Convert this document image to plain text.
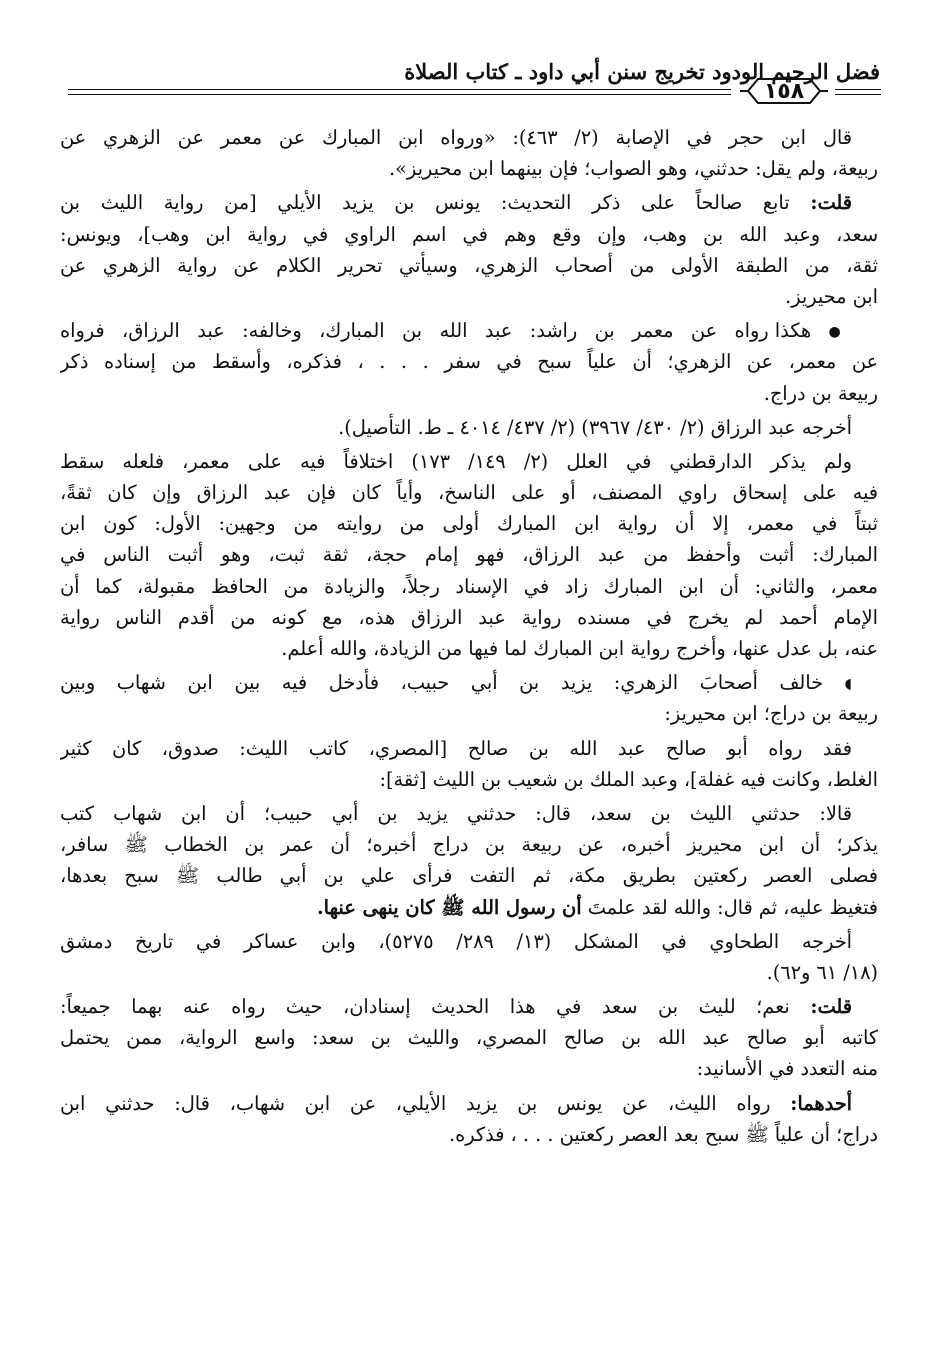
فضل الرحيم الودود تخريج سنن أبي داود ـ كتاب الصلاة
١٥٨
قال ابن حجر في الإصابة (٢/ ٤٦٣): «ورواه ابن المبارك عن معمر عن الزهري عن
ربيعة، ولم يقل: حدثني، وهو الصواب؛ فإن بينهما ابن محيريز».
قلت: تابع صالحاً على ذكر التحديث: يونس بن يزيد الأيلي [من رواية الليث بن
سعد، وعبد الله بن وهب، وإن وقع وهم في اسم الراوي في رواية ابن وهب]، ويونس:
ثقة، من الطبقة الأولى من أصحاب الزهري، وسيأتي تحرير الكلام عن رواية الزهري عن
ابن محيريز.
● هكذا رواه عن معمر بن راشد: عبد الله بن المبارك، وخالفه: عبد الرزاق، فرواه
عن معمر، عن الزهري؛ أن علياً سبح في سفر . . . ، فذكره، وأسقط من إسناده ذكر
ربيعة بن دراج.
أخرجه عبد الرزاق (٢/ ٤٣٠/ ٣٩٦٧) (٢/ ٤٣٧/ ٤٠١٤ ـ ط. التأصيل).
ولم يذكر الدارقطني في العلل (٢/ ١٤٩/ ١٧٣) اختلافاً فيه على معمر، فلعله سقط
فيه على إسحاق راوي المصنف، أو على الناسخ، وأياً كان فإن عبد الرزاق وإن كان ثقةً،
ثبتاً في معمر، إلا أن رواية ابن المبارك أولى من روايته من وجهين: الأول: كون ابن
المبارك: أثبت وأحفظ من عبد الرزاق، فهو إمام حجة، ثقة ثبت، وهو أثبت الناس في
معمر، والثاني: أن ابن المبارك زاد في الإسناد رجلاً، والزيادة من الحافظ مقبولة، كما أن
الإمام أحمد لم يخرج في مسنده رواية عبد الرزاق هذه، مع كونه من أقدم الناس رواية
عنه، بل عدل عنها، وأخرج رواية ابن المبارك لما فيها من الزيادة، والله أعلم.
◖ خالف أصحابَ الزهري: يزيد بن أبي حبيب، فأدخل فيه بين ابن شهاب وبين
ربيعة بن دراج؛ ابن محيريز:
فقد رواه أبو صالح عبد الله بن صالح [المصري، كاتب الليث: صدوق، كان كثير
الغلط، وكانت فيه غفلة]، وعبد الملك بن شعيب بن الليث [ثقة]:
قالا: حدثني الليث بن سعد، قال: حدثني يزيد بن أبي حبيب؛ أن ابن شهاب كتب
يذكر؛ أن ابن محيريز أخبره، عن ربيعة بن دراج أخبره؛ أن عمر بن الخطاب ﷺ سافر،
فصلى العصر ركعتين بطريق مكة، ثم التفت فرأى علي بن أبي طالب ﷺ سبح بعدها،
فتغيظ عليه، ثم قال: والله لقد علمتَ أن رسول الله ﷺ كان ينهى عنها.
أخرجه الطحاوي في المشكل (١٣/ ٢٨٩/ ٥٢٧٥)، وابن عساكر في تاريخ دمشق
(١٨/ ٦١ و٦٢).
قلت: نعم؛ لليث بن سعد في هذا الحديث إسنادان، حيث رواه عنه بهما جميعاً:
كاتبه أبو صالح عبد الله بن صالح المصري، والليث بن سعد: واسع الرواية، ممن يحتمل
منه التعدد في الأسانيد:
أحدهما: رواه الليث، عن يونس بن يزيد الأيلي، عن ابن شهاب، قال: حدثني ابن
دراج؛ أن علياً ﷺ سبح بعد العصر ركعتين . . . ، فذكره.
